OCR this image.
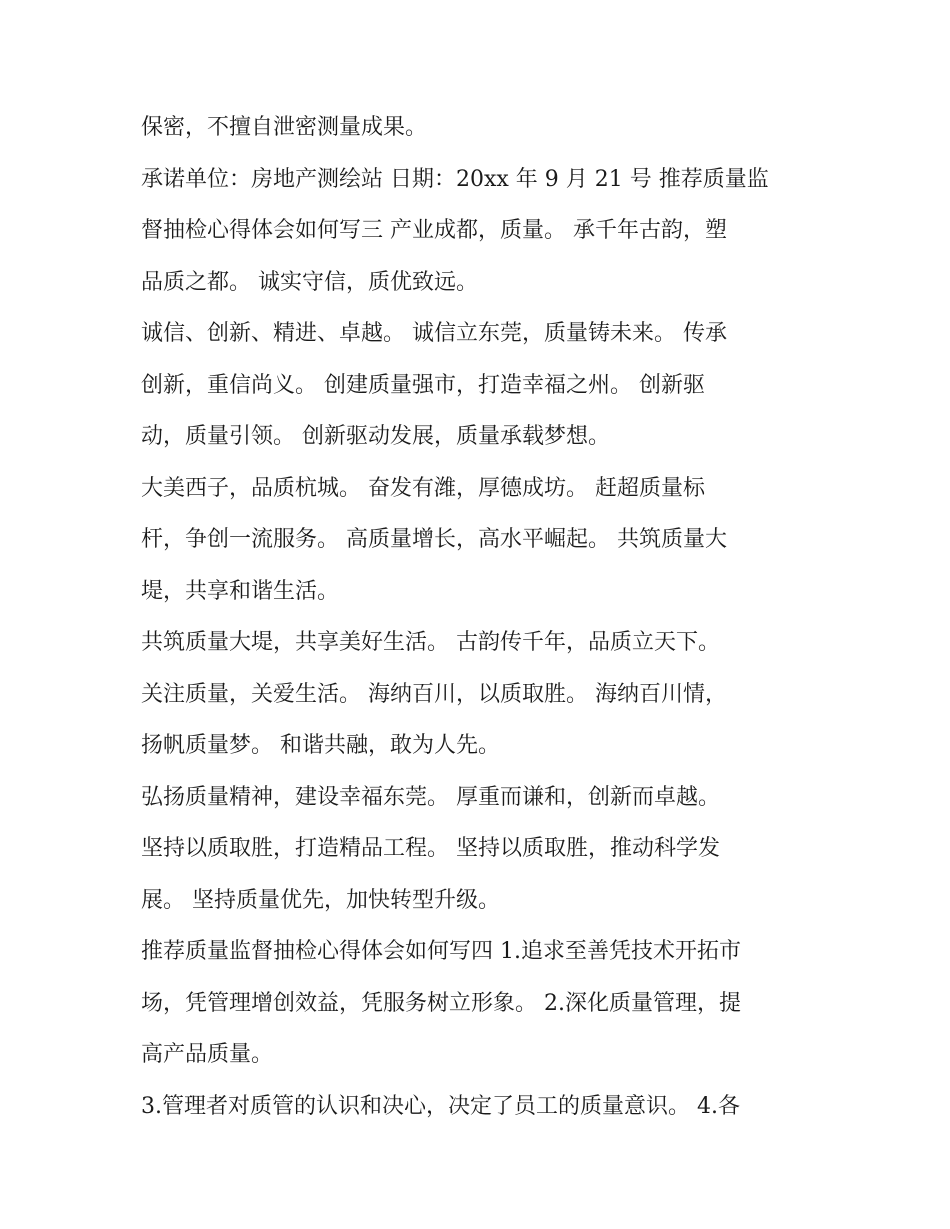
保密，不擅自泄密测量成果。
承诺单位：房地产测绘站 日期：20xx 年 9 月 21 号 推荐质量监
督抽检心得体会如何写三 产业成都，质量。 承千年古韵，塑
品质之都。 诚实守信，质优致远。
诚信、创新、精进、卓越。 诚信立东莞，质量铸未来。 传承
创新，重信尚义。 创建质量强市，打造幸福之州。 创新驱
动，质量引领。 创新驱动发展，质量承载梦想。
大美西子，品质杭城。 奋发有潍，厚德成坊。 赶超质量标
杆，争创一流服务。 高质量增长，高水平崛起。 共筑质量大
堤，共享和谐生活。
共筑质量大堤，共享美好生活。 古韵传千年，品质立天下。
关注质量，关爱生活。 海纳百川，以质取胜。 海纳百川情，
扬帆质量梦。 和谐共融，敢为人先。
弘扬质量精神，建设幸福东莞。 厚重而谦和，创新而卓越。
坚持以质取胜，打造精品工程。 坚持以质取胜，推动科学发
展。 坚持质量优先，加快转型升级。
推荐质量监督抽检心得体会如何写四 1.追求至善凭技术开拓市
场，凭管理增创效益，凭服务树立形象。 2.深化质量管理，提
高产品质量。
3.管理者对质管的认识和决心，决定了员工的质量意识。 4.各
